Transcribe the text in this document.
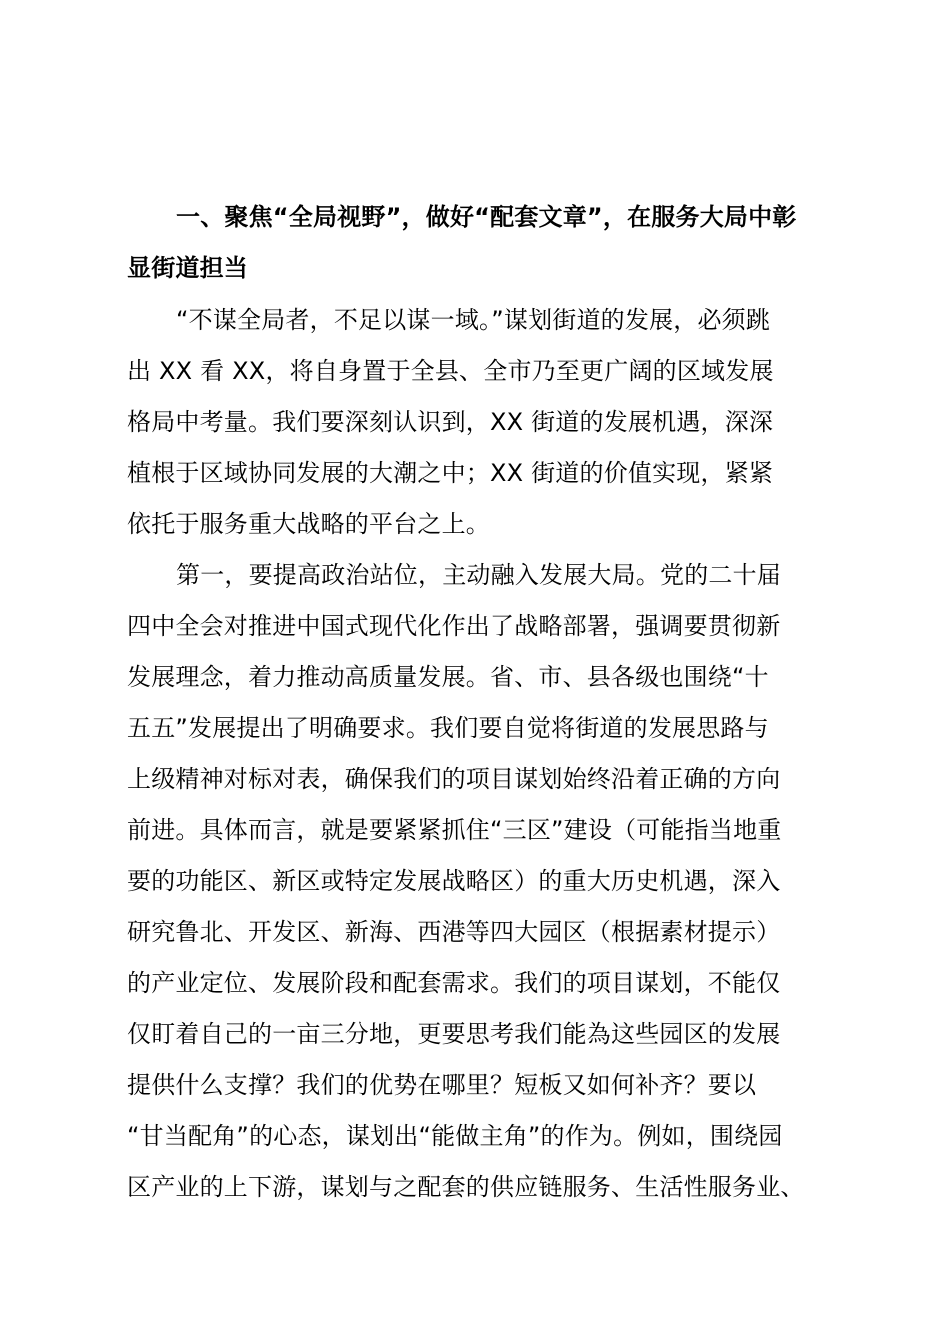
一、聚焦“全局视野”，做好“配套文章”，在服务大局中彰
显街道担当
“不谋全局者，不足以谋一域。”谋划街道的发展，必须跳
出 XX 看 XX，将自身置于全县、全市乃至更广阔的区域发展
格局中考量。我们要深刻认识到，XX 街道的发展机遇，深深
植根于区域协同发展的大潮之中；XX 街道的价值实现，紧紧
依托于服务重大战略的平台之上。
第一，要提高政治站位，主动融入发展大局。党的二十届
四中全会对推进中国式现代化作出了战略部署，强调要贯彻新
发展理念，着力推动高质量发展。省、市、县各级也围绕“十
五五”发展提出了明确要求。我们要自觉将街道的发展思路与
上级精神对标对表，确保我们的项目谋划始终沿着正确的方向
前进。具体而言，就是要紧紧抓住“三区”建设（可能指当地重
要的功能区、新区或特定发展战略区）的重大历史机遇，深入
研究鲁北、开发区、新海、西港等四大园区（根据素材提示）
的产业定位、发展阶段和配套需求。我们的项目谋划，不能仅
仅盯着自己的一亩三分地，更要思考我们能為这些园区的发展
提供什么支撑？我们的优势在哪里？短板又如何补齐？要以
“甘当配角”的心态，谋划出“能做主角”的作为。例如，围绕园
区产业的上下游，谋划与之配套的供应链服务、生活性服务业、
